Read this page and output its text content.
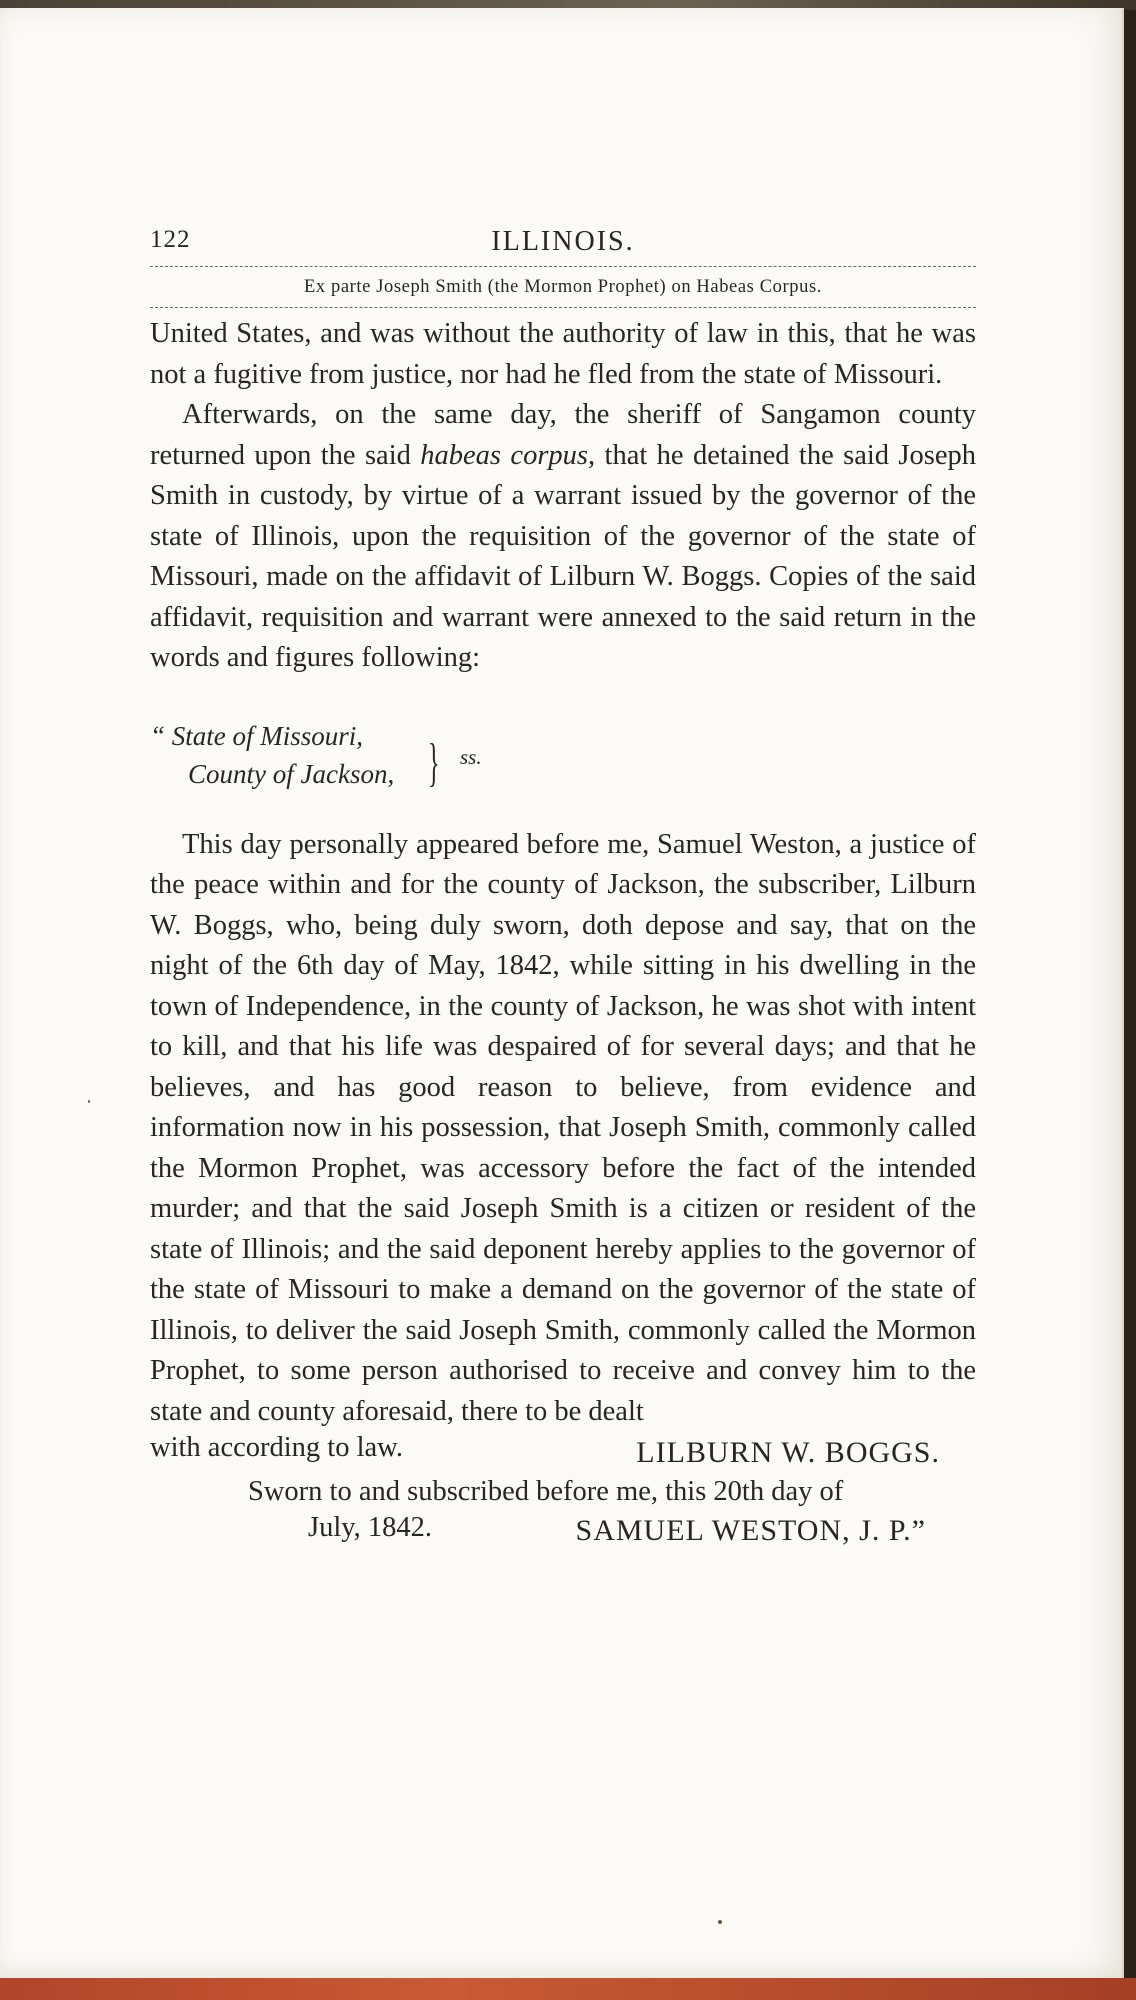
122	ILLINOIS.
Ex parte Joseph Smith (the Mormon Prophet) on Habeas Corpus.

United States, and was without the authority of law in this, that he was not a fugitive from justice, nor had he fled from the state of Missouri.

Afterwards, on the same day, the sheriff of Sangamon county returned upon the said habeas corpus, that he detained the said Joseph Smith in custody, by virtue of a warrant issued by the governor of the state of Illinois, upon the requisition of the governor of the state of Missouri, made on the affidavit of Lilburn W. Boggs. Copies of the said affidavit, requisition and warrant were annexed to the said return in the words and figures following:

“ State of Missouri,
County of Jackson, } ss.

This day personally appeared before me, Samuel Weston, a justice of the peace within and for the county of Jackson, the subscriber, Lilburn W. Boggs, who, being duly sworn, doth depose and say, that on the night of the 6th day of May, 1842, while sitting in his dwelling in the town of Independence, in the county of Jackson, he was shot with intent to kill, and that his life was despaired of for several days; and that he believes, and has good reason to believe, from evidence and information now in his possession, that Joseph Smith, commonly called the Mormon Prophet, was accessory before the fact of the intended murder; and that the said Joseph Smith is a citizen or resident of the state of Illinois; and the said deponent hereby applies to the governor of the state of Missouri to make a demand on the governor of the state of Illinois, to deliver the said Joseph Smith, commonly called the Mormon Prophet, to some person authorised to receive and convey him to the state and county aforesaid, there to be dealt

with according to law.	LILBURN W. BOGGS.
Sworn to and subscribed before me, this 20th day of
July, 1842.	SAMUEL WESTON, J. P.”
